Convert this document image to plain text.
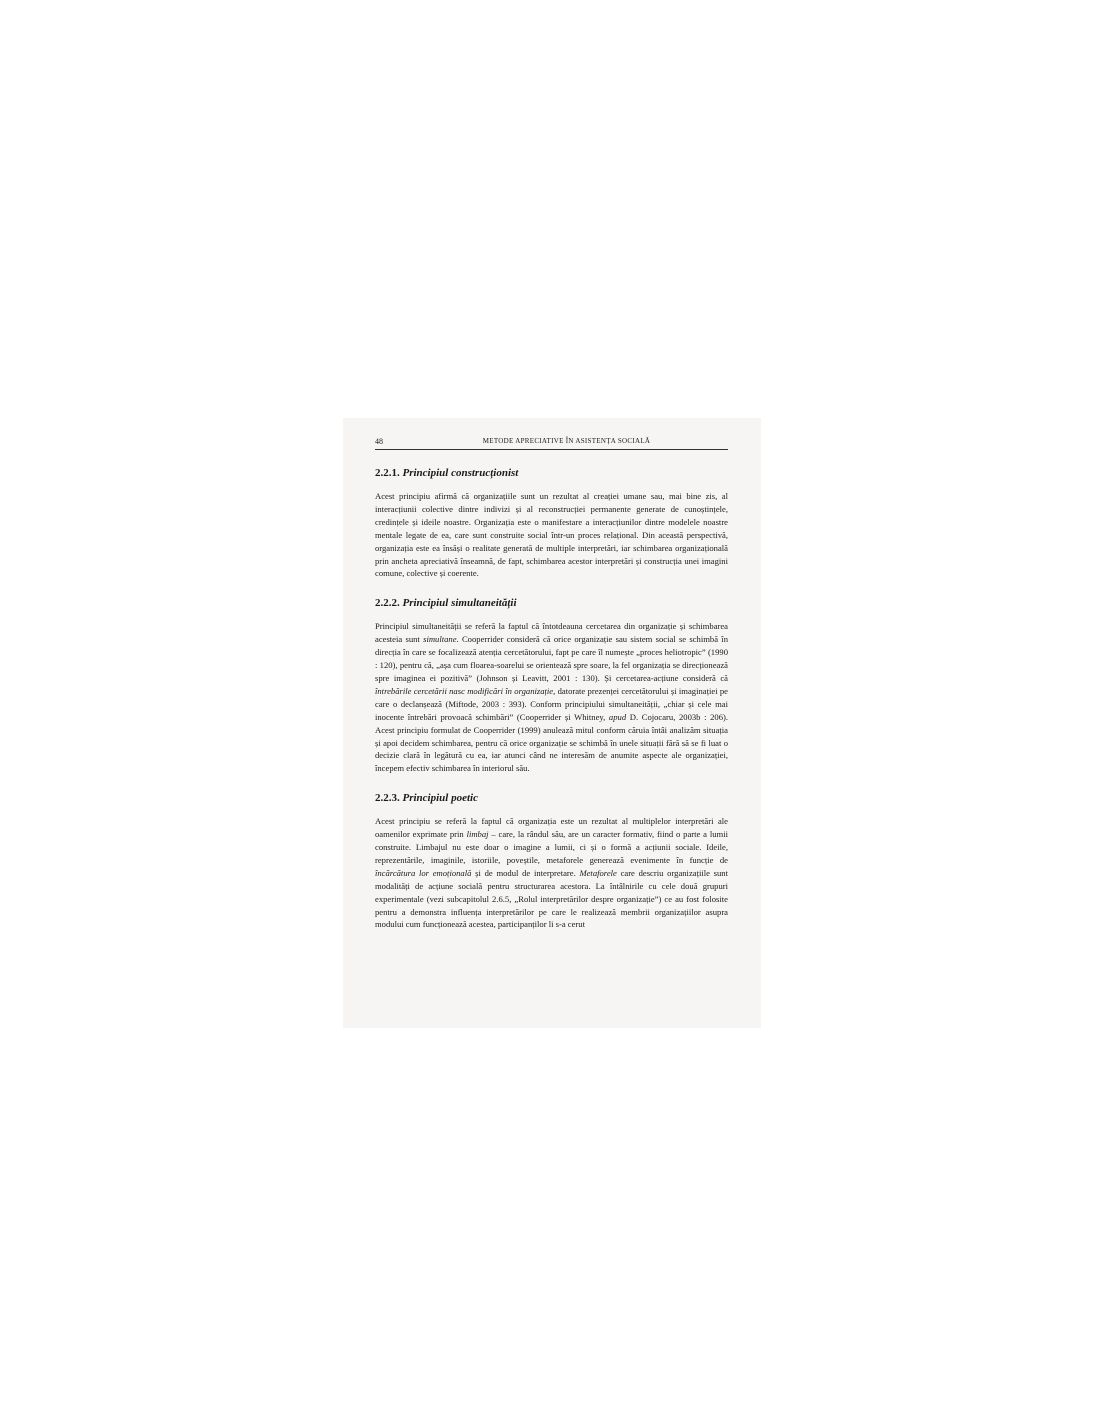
48	METODE APRECIATIVE ÎN ASISTENȚA SOCIALĂ

2.2.1. Principiul construcționist

Acest principiu afirmă că organizațiile sunt un rezultat al creației umane sau, mai bine zis, al interacțiunii colective dintre indivizi și al reconstrucției permanente generate de cunoștințele, credințele și ideile noastre. Organizația este o manifestare a interacțiunilor dintre modelele noastre mentale legate de ea, care sunt construite social într-un proces relațional. Din această perspectivă, organizația este ea însăși o realitate generată de multiple interpretări, iar schimbarea organizațională prin ancheta apreciativă înseamnă, de fapt, schimbarea acestor interpretări și construcția unei imagini comune, colective și coerente.

2.2.2. Principiul simultaneității

Principiul simultaneității se referă la faptul că întotdeauna cercetarea din organizație și schimbarea acesteia sunt simultane. Cooperrider consideră că orice organizație sau sistem social se schimbă în direcția în care se focalizează atenția cercetătorului, fapt pe care îl numește „proces heliotropic” (1990 : 120), pentru că, „așa cum floarea-soarelui se orientează spre soare, la fel organizația se direcționează spre imaginea ei pozitivă” (Johnson și Leavitt, 2001 : 130). Și cercetarea-acțiune consideră că întrebările cercetării nasc modificări în organizație, datorate prezenței cercetătorului și imaginației pe care o declanșează (Miftode, 2003 : 393). Conform principiului simultaneității, „chiar și cele mai inocente întrebări provoacă schimbări” (Cooperrider și Whitney, apud D. Cojocaru, 2003b : 206). Acest principiu formulat de Cooperrider (1999) anulează mitul conform căruia întâi analizăm situația și apoi decidem schimbarea, pentru că orice organizație se schimbă în unele situații fără să se fi luat o decizie clară în legătură cu ea, iar atunci când ne interesăm de anumite aspecte ale organizației, începem efectiv schimbarea în interiorul său.

2.2.3. Principiul poetic

Acest principiu se referă la faptul că organizația este un rezultat al multiplelor interpretări ale oamenilor exprimate prin limbaj – care, la rândul său, are un caracter formativ, fiind o parte a lumii construite. Limbajul nu este doar o imagine a lumii, ci și o formă a acțiunii sociale. Ideile, reprezentările, imaginile, istoriile, poveștile, metaforele generează evenimente în funcție de încărcătura lor emoțională și de modul de interpretare. Metaforele care descriu organizațiile sunt modalități de acțiune socială pentru structurarea acestora. La întâlnirile cu cele două grupuri experimentale (vezi subcapitolul 2.6.5, „Rolul interpretărilor despre organizație”) ce au fost folosite pentru a demonstra influența interpretărilor pe care le realizează membrii organizațiilor asupra modului cum funcționează acestea, participanților li s-a cerut
